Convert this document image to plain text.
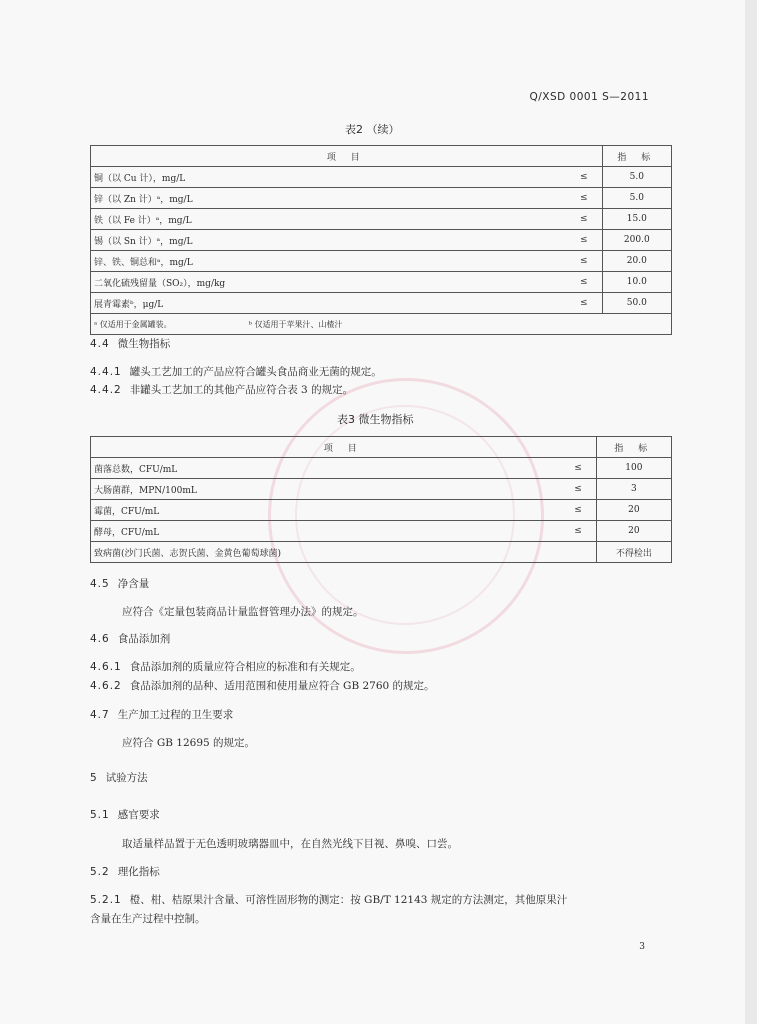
Q/XSD 0001 S—2011
表2 （续）
项 目		指 标
铜（以 Cu 计），mg/L	≤	5.0
锌（以 Zn 计）ᵃ，mg/L	≤	5.0
铁（以 Fe 计）ᵃ，mg/L	≤	15.0
锡（以 Sn 计）ᵃ，mg/L	≤	200.0
锌、铁、铜总和ᵃ，mg/L	≤	20.0
二氧化硫残留量（SO₂），mg/kg	≤	10.0
展青霉素ᵇ，μg/L	≤	50.0
ᵃ 仅适用于金属罐装。 ᵇ 仅适用于苹果汁、山楂汁		
4.4 微生物指标
4.4.1 罐头工艺加工的产品应符合罐头食品商业无菌的规定。
4.4.2 非罐头工艺加工的其他产品应符合表 3 的规定。
表3 微生物指标
项 目		指 标
菌落总数，CFU/mL	≤	100
大肠菌群，MPN/100mL	≤	3
霉菌，CFU/mL	≤	20
酵母，CFU/mL	≤	20
致病菌(沙门氏菌、志贺氏菌、金黄色葡萄球菌)		不得检出
4.5 净含量
应符合《定量包装商品计量监督管理办法》的规定。
4.6 食品添加剂
4.6.1 食品添加剂的质量应符合相应的标准和有关规定。
4.6.2 食品添加剂的品种、适用范围和使用量应符合 GB 2760 的规定。
4.7 生产加工过程的卫生要求
应符合 GB 12695 的规定。
5 试验方法
5.1 感官要求
取适量样品置于无色透明玻璃器皿中，在自然光线下目视、鼻嗅、口尝。
5.2 理化指标
5.2.1 橙、柑、桔原果汁含量、可溶性固形物的测定：按 GB/T 12143 规定的方法测定，其他原果汁
含量在生产过程中控制。
3
